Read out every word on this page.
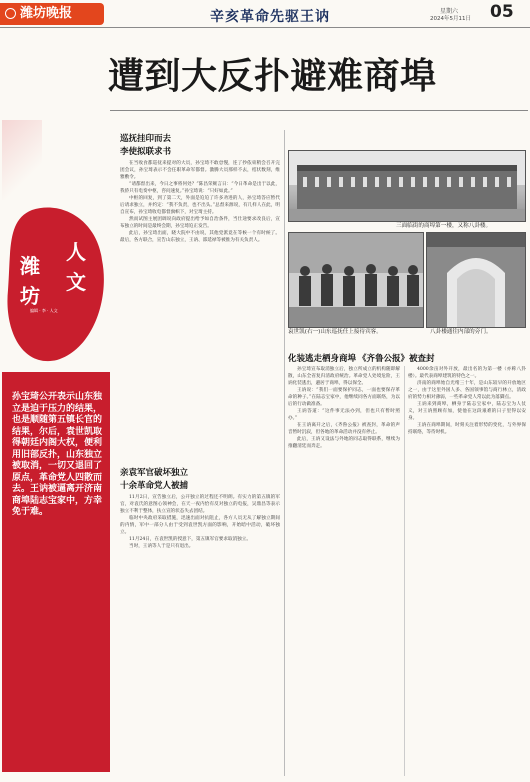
潍坊晚报	辛亥革命先驱王讷	星期六
2024年5月11日 05
遭到大反扑避难商埠
潍
人
坊
文
编辑 · 李 · 人文
孙宝琦公开表示山东独立是迫于压力的结果，也是顺随第五镇长官的结果，尔后，袁世凯取得朝廷内阁大权，便利用旧部反扑，山东独立被取消，一切又退回了原点，革命党人四散而去。王讷被逼离开济南商埠陆志宝家中，方幸免于难。
巡抚挂印而去
李使拟联求书

在当收食都巡抚来提对的大员，孙宝琦不敢怠慢，连了抄依束稍会召开完团会议，孙宝琦表示不会任职革命军都督。激腾大员那样不去，桔状数刻，维雅敷令。

“请都督出来，今日之事将何处？”陈昌荣厥言日：“今日革命是出于以此，我侨只有电奏中枢，咨问速复。”孙宝琦说：“只好如此。”

中枢的回复，到了第二天，外面是迫迫了许多劝进的人，孙宝琦答应暂代后请求独立，并约定：“我不负责，也不出头。”总督来源说，有几样人在此，明自宣布，孙宝琦收电都督旗帜下，对宝琦主持。

然而试图主展团调说向政府提出给予如自治条件，当仕途要求改良后，宣布独立的时间是最终会期，孙宝琦迫正发告。

此后，孙宝琦出面，晓大院中不由说，其他党派竟在等候一个有时候了。最后，各方联合，宣告山东独立，王讷、邵延禄等被推为有关负责人。

亲袁军官破坏独立
十余革命党人被捕

11月2日，宣告独立后，公开独立的过程还不明朗。有实力的第五镇的军官，对袁氏的意图心领神会，在天一夜内恰有反对独立的电报，吴鼎昌等表示独立不利于整体，扶立宣的状态失去团结。

临时中央政府采取措施，迅速出面对抗阻止，各方人员无从了解独立期间的内情，军中一部分人由于受到袁世凯方面的影响，开始暗中活动，破坏独立。

11月24日，在袁世凯的授意下，第五镇军官要求取消独立。

当时，王讷等人于是只有退出。

三面临街的商埠第一楼，又称八卦楼。
袁世凯(右一)山东巡抚任上接待宾客。	八卦楼通往内部的旁门。
化装逃走栖身商埠 《齐鲁公报》被查封

孙宝琦宣布取消独立后，独立所成立的机构随即解散，山东全省复归清政府统治。革命党人处境危险，王讷化装逃出，避居于商埠，得以保全。

王讷说：“我们一面要保护同志，一面也要保存革命的种子。”在陆志宝家中，他继续同各方面联络，为以后的行动做准备。

王讷答道：“这件事无法办到，但也只有暂时照办。”

在王讷离开之后，《齐鲁公报》被查封，革命的声音暂时沉寂，但各地的革命活动并没有停止。

此后，王讷又设法与外地的同志取得联系，继续为推翻清廷而奔走。

4000余亩对外开放，最出名的为第一楼（亦称八卦楼）。最代表商埠建筑的特色之一。

济南的商埠始自光绪三十年，是山东较早的开放地区之一，由于这里外国人多、各国领事馆与商行林立，清政府的势力相对薄弱，一些革命党人常以此为落脚点。

王讷来到商埠，栖身于陆志宝家中，陆志宝为人仗义，对王讷照顾有加，使他在这段艰难的日子里得以安身。

王讷在商埠期间，时刻关注着形势的变化，与外界保持联络，等待时机。
